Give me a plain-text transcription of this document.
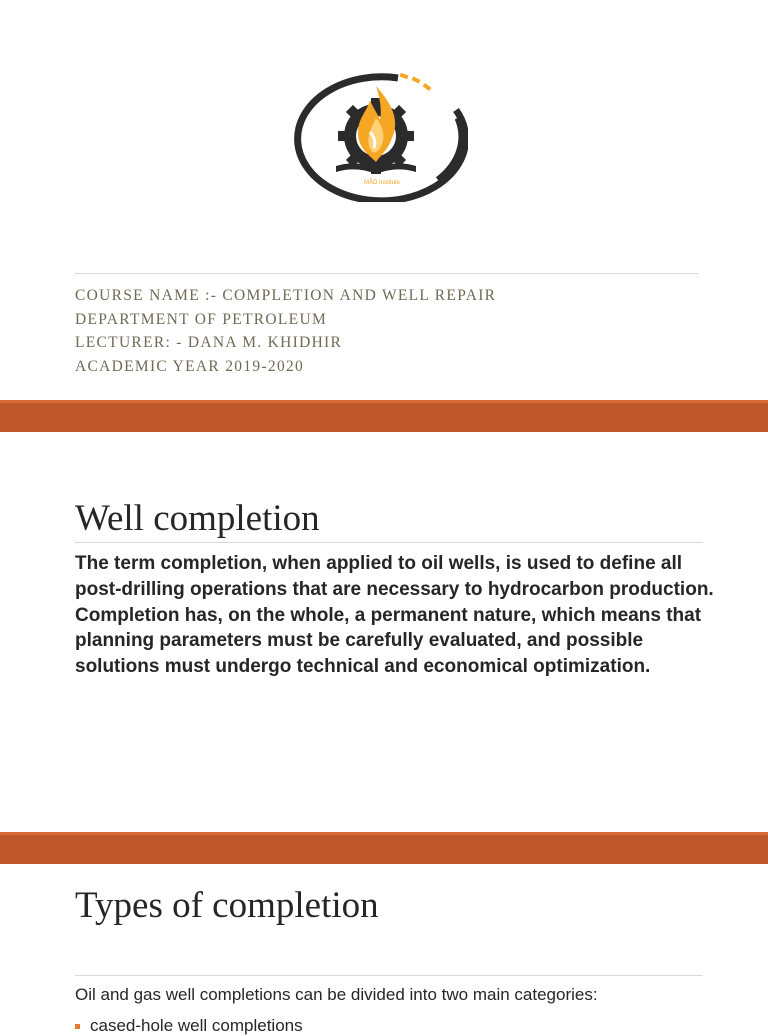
MÂD Institute
COURSE NAME :- COMPLETION AND WELL REPAIR
DEPARTMENT OF PETROLEUM
LECTURER: - DANA M. KHIDHIR
ACADEMIC YEAR 2019-2020
Well completion

The term completion, when applied to oil wells, is used to define all post-drilling operations that are necessary to hydrocarbon production. Completion has, on the whole, a permanent nature, which means that planning parameters must be carefully evaluated, and possible solutions must undergo technical and economical optimization.

Types of completion

Oil and gas well completions can be divided into two main categories:

cased-hole well completions
